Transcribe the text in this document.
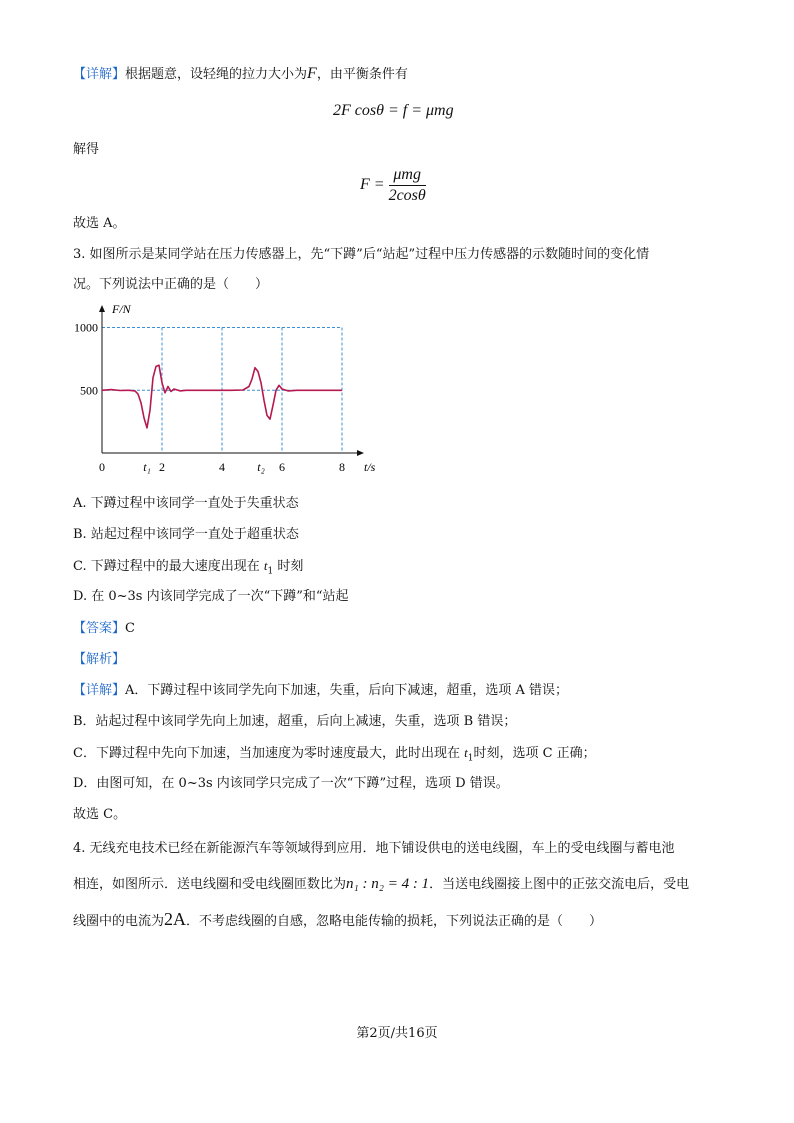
【详解】根据题意，设轻绳的拉力大小为F，由平衡条件有
2F cosθ = f = μmg
解得
$F = \frac{\text{μmg}}{2\cos\theta}$
故选 A。
3. 如图所示是某同学站在压力传感器上，先“下蹲”后“站起”过程中压力传感器的示数随时间的变化情
况。下列说法中正确的是（　　）
F/N
t/s
1000
500
0	t₁ 2	4	t₂ 6	8
A. 下蹲过程中该同学一直处于失重状态
B. 站起过程中该同学一直处于超重状态
C. 下蹲过程中的最大速度出现在 $t_1$ 时刻
D. 在 0~3s 内该同学完成了一次“下蹲”和“站起
【答案】C
【解析】
【详解】A．下蹲过程中该同学先向下加速，失重，后向下减速，超重，选项 A 错误；
B．站起过程中该同学先向上加速，超重，后向上减速，失重，选项 B 错误；
C．下蹲过程中先向下加速，当加速度为零时速度最大，此时出现在 $t_1$时刻，选项 C 正确；
D．由图可知，在 0~3s 内该同学只完成了一次“下蹲”过程，选项 D 错误。
故选 C。
4. 无线充电技术已经在新能源汽车等领域得到应用．地下铺设供电的送电线圈，车上的受电线圈与蓄电池
相连，如图所示．送电线圈和受电线圈匝数比为n₁ : n₂ = 4 : 1．当送电线圈接上图中的正弦交流电后，受电
线圈中的电流为2A．不考虑线圈的自感，忽略电能传输的损耗，下列说法正确的是（　　）
第2页/共16页
